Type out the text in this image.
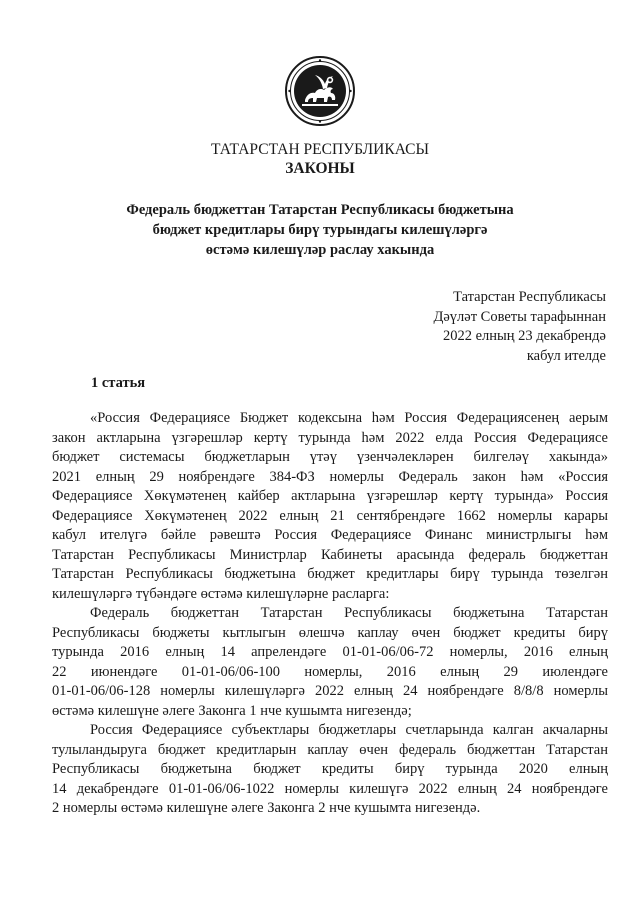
ТАТАРСТАН РЕСПУБЛИКАСЫ
ЗАКОНЫ
Федераль бюджеттан Татарстан Республикасы бюджетына
бюджет кредитлары бирү турындагы килешүләргә
өстәмә килешүләр раслау хакында
Татарстан Республикасы
Дәүләт Советы тарафыннан
2022 елның 23 декабрендә
кабул ителде
1 статья
«Россия Федерациясе Бюджет кодексына һәм Россия Федерациясенең аерым
закон актларына үзгәрешләр кертү турында һәм 2022 елда Россия Федерациясе
бюджет системасы бюджетларын үтәү үзенчәлекләрен билгеләү хакында»
2021 елның 29 ноябрендәге 384-ФЗ номерлы Федераль закон һәм «Россия
Федерациясе Хөкүмәтенең кайбер актларына үзгәрешләр кертү турында» Россия
Федерациясе Хөкүмәтенең 2022 елның 21 сентябрендәге 1662 номерлы карары
кабул ителүгә бәйле рәвештә Россия Федерациясе Финанс министрлыгы һәм
Татарстан Республикасы Министрлар Кабинеты арасында федераль бюджеттан
Татарстан Республикасы бюджетына бюджет кредитлары бирү турында төзелгән
килешүләргә түбәндәге өстәмә килешүләрне расларга:
Федераль бюджеттан Татарстан Республикасы бюджетына Татарстан
Республикасы бюджеты кытлыгын өлешчә каплау өчен бюджет кредиты бирү
турында 2016 елның 14 апрелендәге 01-01-06/06-72 номерлы, 2016 елның
22 июнендәге 01-01-06/06-100 номерлы, 2016 елның 29 июлендәге
01-01-06/06-128 номерлы килешүләргә 2022 елның 24 ноябрендәге 8/8/8 номерлы
өстәмә килешүне әлеге Законга 1 нче кушымта нигезендә;
Россия Федерациясе субъектлары бюджетлары счетларында калган акчаларны
тулыландыруга бюджет кредитларын каплау өчен федераль бюджеттан Татарстан
Республикасы бюджетына бюджет кредиты бирү турында 2020 елның
14 декабрендәге 01-01-06/06-1022 номерлы килешүгә 2022 елның 24 ноябрендәге
2 номерлы өстәмә килешүне әлеге Законга 2 нче кушымта нигезендә.
